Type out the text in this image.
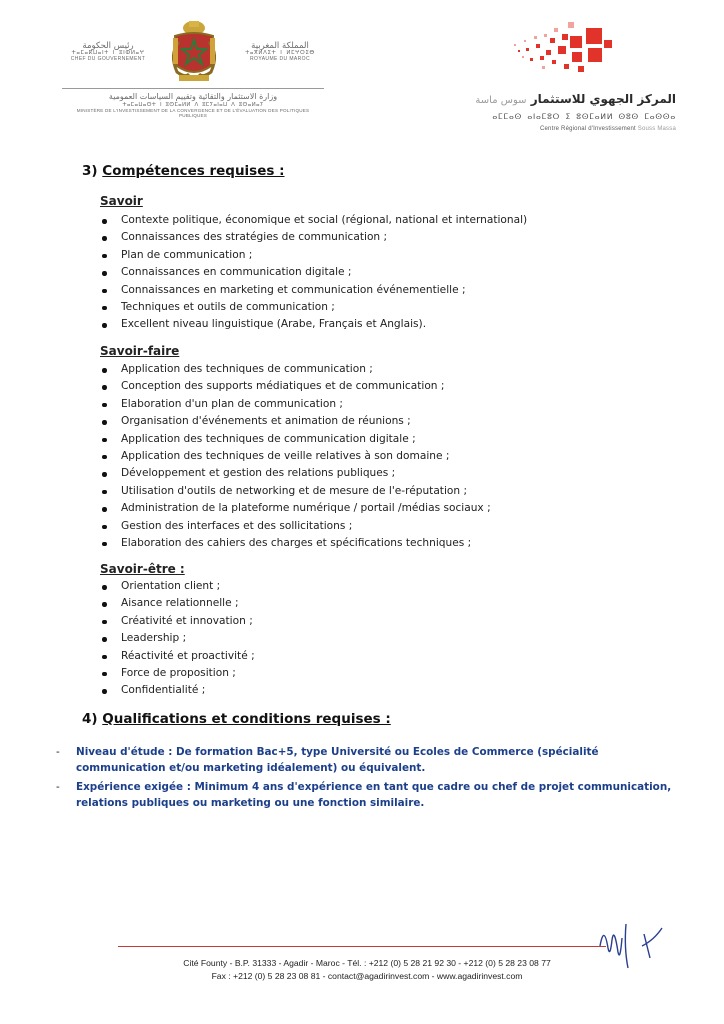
رئيس الحكومة
ⵜⴰⵎⴰⴽⵡⴰⵏⵜ ⵏ ⵓⵏⵀⵍⴰⵖ
CHEF DU GOUVERNEMENT
المملكة المغربية
ⵜⴰⴳⵍⴷⵉⵜ ⵏ ⵍⵎⵖⵔⵉⴱ
ROYAUME DU MAROC
وزارة الاستثمار والتقائية وتقييم السياسات العمومية
ⵜⴰⵎⴰⵡⴰⵙⵜ ⵏ ⵓⵙⵎⴰⵍⵍ ⴷ ⵓⵎⵢⴰⵏⴰⵡ ⴷ ⵓⵙⴰⵍⴰⵢ
MINISTÈRE DE L'INVESTISSEMENT DE LA CONVERGENCE ET DE L'ÉVALUATION DES POLITIQUES PUBLIQUES
المركز الجهوي للاستثمار سوس ماسة
ⴰⵎⵎⴰⵙ ⴰⵏⴰⵎⵓⵔ ⵉ ⵓⵙⵎⴰⵍⵍ ⵙⵓⵙ ⵎⴰⵙⵙⴰ
Centre Régional d'Investissement Souss Massa
3) Compétences requises :
Savoir
Contexte politique, économique et social (régional, national et international)
Connaissances des stratégies de communication ;
Plan de communication ;
Connaissances en communication digitale ;
Connaissances en marketing et communication événementielle ;
Techniques et outils de communication ;
Excellent niveau linguistique (Arabe, Français et Anglais).
Savoir-faire
Application des techniques de communication ;
Conception des supports médiatiques et de communication ;
Elaboration d'un plan de communication ;
Organisation d'événements et animation de réunions ;
Application des techniques de communication digitale ;
Application des techniques de veille relatives à son domaine ;
Développement et gestion des relations publiques ;
Utilisation d'outils de networking et de mesure de l'e-réputation ;
Administration de la plateforme numérique / portail /médias sociaux ;
Gestion des interfaces et des sollicitations ;
Elaboration des cahiers des charges et spécifications techniques ;
Savoir-être :
Orientation client ;
Aisance relationnelle ;
Créativité et innovation ;
Leadership ;
Réactivité et proactivité ;
Force de proposition ;
Confidentialité ;
4) Qualifications et conditions requises :
- Niveau d'étude : De formation Bac+5, type Université ou Ecoles de Commerce (spécialité communication et/ou marketing idéalement) ou équivalent.
- Expérience exigée : Minimum 4 ans d'expérience en tant que cadre ou chef de projet communication, relations publiques ou marketing ou une fonction similaire.
Cité Founty - B.P. 31333 - Agadir - Maroc - Tél. : +212 (0) 5 28 21 92 30 - +212 (0) 5 28 23 08 77
Fax : +212 (0) 5 28 23 08 81 - contact@agadirinvest.com - www.agadirinvest.com
